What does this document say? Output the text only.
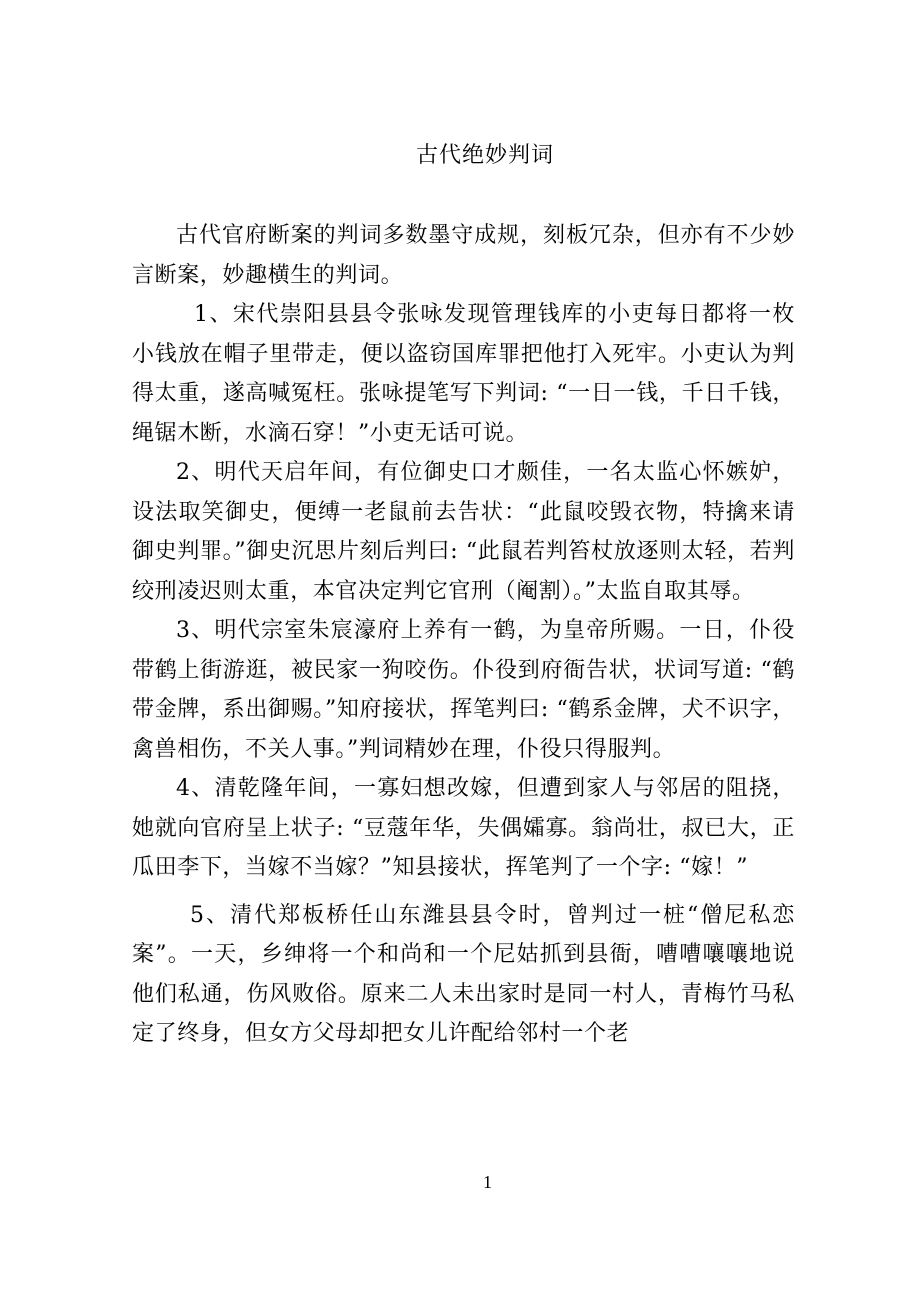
古代绝妙判词

古代官府断案的判词多数墨守成规，刻板冗杂，但亦有不少妙言断案，妙趣横生的判词。

1、宋代崇阳县县令张咏发现管理钱库的小吏每日都将一枚小钱放在帽子里带走，便以盗窃国库罪把他打入死牢。小吏认为判得太重，遂高喊冤枉。张咏提笔写下判词: “一日一钱，千日千钱，绳锯木断，水滴石穿！”小吏无话可说。

2、明代天启年间，有位御史口才颇佳，一名太监心怀嫉妒，设法取笑御史，便缚一老鼠前去告状：“此鼠咬毁衣物，特擒来请御史判罪。”御史沉思片刻后判曰: “此鼠若判笞杖放逐则太轻，若判绞刑凌迟则太重，本官决定判它官刑（阉割）。”太监自取其辱。

3、明代宗室朱宸濠府上养有一鹤，为皇帝所赐。一日，仆役带鹤上街游逛，被民家一狗咬伤。仆役到府衙告状，状词写道: “鹤带金牌，系出御赐。”知府接状，挥笔判曰: “鹤系金牌，犬不识字，禽兽相伤，不关人事。”判词精妙在理，仆役只得服判。

4、清乾隆年间，一寡妇想改嫁，但遭到家人与邻居的阻挠，她就向官府呈上状子: “豆蔻年华，失偶孀寡。翁尚壮，叔已大，正瓜田李下，当嫁不当嫁？”知县接状，挥笔判了一个字: “嫁！”

5、清代郑板桥任山东潍县县令时，曾判过一桩“僧尼私恋案”。一天，乡绅将一个和尚和一个尼姑抓到县衙，嘈嘈嚷嚷地说他们私通，伤风败俗。原来二人未出家时是同一村人，青梅竹马私定了终身，但女方父母却把女儿许配给邻村一个老

1
